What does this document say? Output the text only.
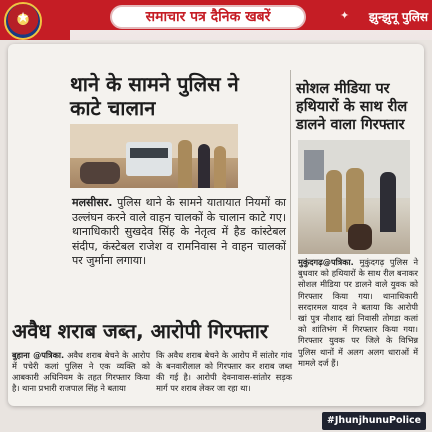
★	समाचार पत्र दैनिक खबरें	✦	झुन्झुनू पुलिस
थाने के सामने पुलिस ने काटे चालान
मलसीसर. पुलिस थाने के सामने यातायात नियमों का उल्लंघन करने वाले वाहन चालकों के चालान काटे गए। थानाधिकारी सुखदेव सिंह के नेतृत्व में हैड कांस्टेबल संदीप, कंस्टेबल राजेश व रामनिवास ने वाहन चालकों पर जुर्माना लगाया।
सोशल मीडिया पर हथियारों के साथ रील डालने वाला गिरफ्तार
मुकुंदगढ़@पत्रिका. मुकुंदगढ़ पुलिस ने बुधवार को हथियारों के साथ रील बनाकर सोशल मीडिया पर डालने वाले युवक को गिरफ्तार किया गया। थानाधिकारी सरदारमल यादव ने बताया कि आरोपी खां पुत्र नौशाद खां निवासी तोगडा कलां को शांतिभंग में गिरफ्तार किया गया। गिरफ्तार युवक पर जिले के विभिन्न पुलिस थानों में अलग अलग धाराओं में मामले दर्ज हैं।
अवैध शराब जब्त, आरोपी गिरफ्तार
बुहाना @पत्रिका. अवैध शराब बेचने के आरोप में पचेरी कलां पुलिस ने एक व्यक्ति को आबकारी अधिनियम के तहत गिरफ्तार किया है। थाना प्रभारी राजपाल सिंह ने बताया
कि अवैध शराब बेचने के आरोप में सांतोर गांव के बनवारीलाल को गिरफ्तार कर शराब जब्त की गई है। आरोपी देवनावास-सांतोर सड़क मार्ग पर शराब लेकर जा रहा था।
#JhunjhunuPolice
